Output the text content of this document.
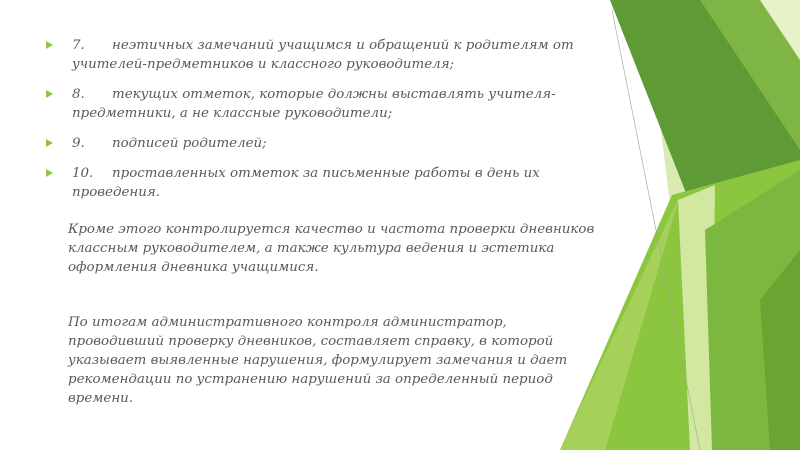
7. неэтичных замечаний учащимся и обращений к родителям от учителей-предметников и классного руководителя;
8. текущих отметок, которые должны выставлять учителя-предметники, а не классные руководители;
9. подписей родителей;
10. проставленных отметок за письменные работы в день их проведения.

Кроме этого контролируется качество и частота проверки дневников классным руководителем, а также культура ведения и эстетика оформления дневника учащимися.

По итогам административного контроля администратор, проводивший проверку дневников, составляет справку, в которой указывает выявленные нарушения, формулирует замечания и дает рекомендации по устранению нарушений за определенный период времени.
